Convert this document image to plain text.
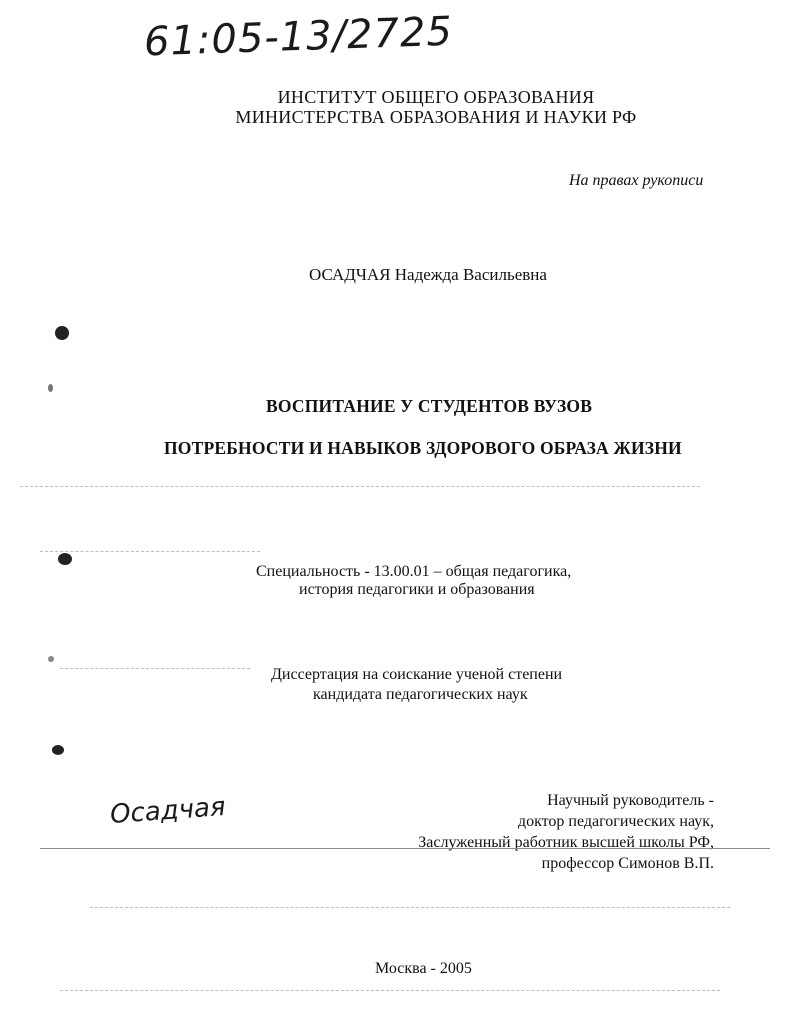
61:05-13/2725
ИНСТИТУТ ОБЩЕГО ОБРАЗОВАНИЯ
МИНИСТЕРСТВА ОБРАЗОВАНИЯ И НАУКИ РФ
На правах рукописи
ОСАДЧАЯ Надежда Васильевна
ВОСПИТАНИЕ У СТУДЕНТОВ ВУЗОВ
ПОТРЕБНОСТИ И НАВЫКОВ ЗДОРОВОГО ОБРАЗА ЖИЗНИ
Специальность - 13.00.01 – общая педагогика,
история педагогики и образования
Диссертация на соискание ученой степени
кандидата педагогических наук
Осадчая	Научный руководитель -
доктор педагогических наук,
Заслуженный работник высшей школы РФ,
профессор Симонов В.П.
Москва - 2005
